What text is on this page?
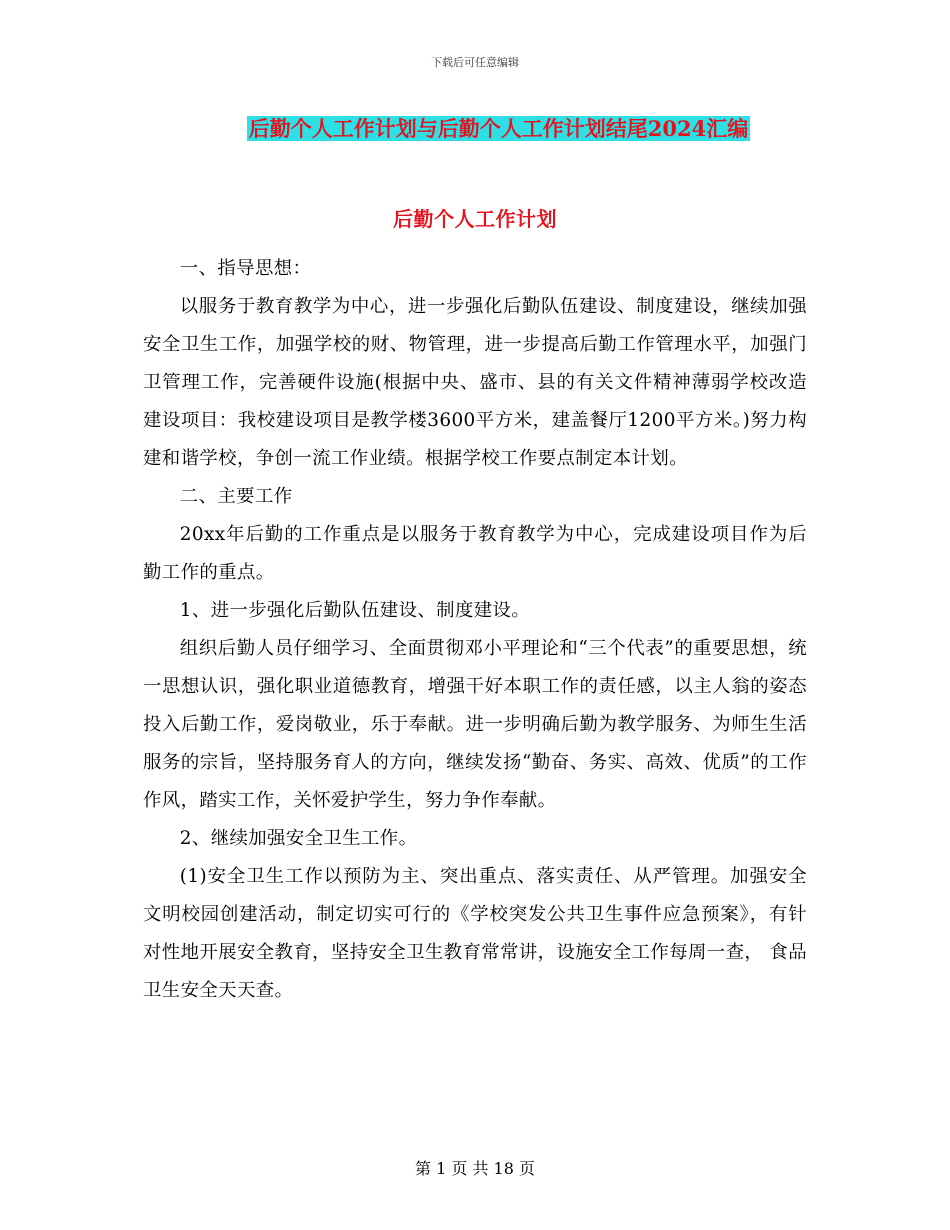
下载后可任意编辑
后勤个人工作计划与后勤个人工作计划结尾2024汇编
后勤个人工作计划

一、指导思想：

以服务于教育教学为中心，进一步强化后勤队伍建设、制度建设，继续加强安全卫生工作，加强学校的财、物管理，进一步提高后勤工作管理水平，加强门卫管理工作，完善硬件设施(根据中央、盛市、县的有关文件精神薄弱学校改造建设项目：我校建设项目是教学楼3600平方米，建盖餐厅1200平方米。)努力构建和谐学校，争创一流工作业绩。根据学校工作要点制定本计划。

二、主要工作

20xx年后勤的工作重点是以服务于教育教学为中心，完成建设项目作为后勤工作的重点。

1、进一步强化后勤队伍建设、制度建设。

组织后勤人员仔细学习、全面贯彻邓小平理论和“三个代表”的重要思想，统一思想认识，强化职业道德教育，增强干好本职工作的责任感，以主人翁的姿态投入后勤工作，爱岗敬业，乐于奉献。进一步明确后勤为教学服务、为师生生活服务的宗旨，坚持服务育人的方向，继续发扬“勤奋、务实、高效、优质”的工作作风，踏实工作，关怀爱护学生，努力争作奉献。

2、继续加强安全卫生工作。

(1)安全卫生工作以预防为主、突出重点、落实责任、从严管理。加强安全文明校园创建活动，制定切实可行的《学校突发公共卫生事件应急预案》，有针对性地开展安全教育，坚持安全卫生教育常常讲，设施安全工作每周一查， 食品卫生安全天天查。

第 1 页 共 18 页
